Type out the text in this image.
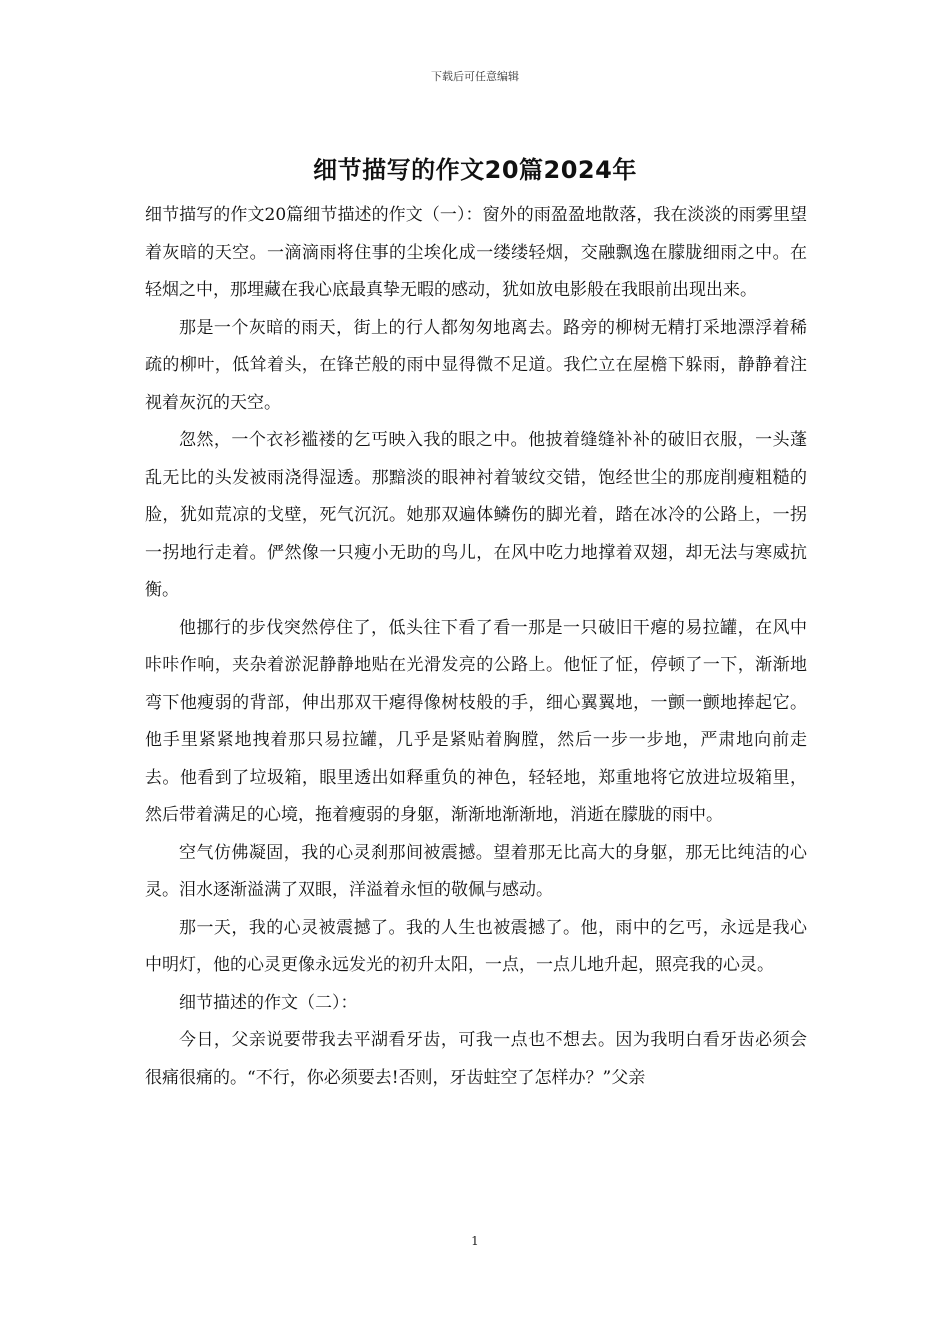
下载后可任意编辑
细节描写的作文20篇2024年

细节描写的作文20篇细节描述的作文（一）：窗外的雨盈盈地散落，我在淡淡的雨雾里望着灰暗的天空。一滴滴雨将住事的尘埃化成一缕缕轻烟，交融飘逸在朦胧细雨之中。在轻烟之中，那埋藏在我心底最真挚无暇的感动，犹如放电影般在我眼前出现出来。

那是一个灰暗的雨天，街上的行人都匆匆地离去。路旁的柳树无精打采地漂浮着稀疏的柳叶，低耸着头，在锋芒般的雨中显得微不足道。我伫立在屋檐下躲雨，静静着注视着灰沉的天空。

忽然，一个衣衫褴褛的乞丐映入我的眼之中。他披着缝缝补补的破旧衣服，一头蓬乱无比的头发被雨浇得湿透。那黯淡的眼神衬着皱纹交错，饱经世尘的那庞削瘦粗糙的脸，犹如荒凉的戈壁，死气沉沉。她那双遍体鳞伤的脚光着，踏在冰冷的公路上，一拐一拐地行走着。俨然像一只瘦小无助的鸟儿，在风中吃力地撑着双翅，却无法与寒威抗衡。

他挪行的步伐突然停住了，低头往下看了看一那是一只破旧干瘪的易拉罐，在风中咔咔作响，夹杂着淤泥静静地贴在光滑发亮的公路上。他怔了怔，停顿了一下，渐渐地弯下他瘦弱的背部，伸出那双干瘪得像树枝般的手，细心翼翼地，一颤一颤地捧起它。他手里紧紧地拽着那只易拉罐，几乎是紧贴着胸膛，然后一步一步地，严肃地向前走去。他看到了垃圾箱，眼里透出如释重负的神色，轻轻地，郑重地将它放进垃圾箱里，然后带着满足的心境，拖着瘦弱的身躯，渐渐地渐渐地，消逝在朦胧的雨中。

空气仿佛凝固，我的心灵刹那间被震撼。望着那无比高大的身躯，那无比纯洁的心灵。泪水逐渐溢满了双眼，洋溢着永恒的敬佩与感动。

那一天，我的心灵被震撼了。我的人生也被震撼了。他，雨中的乞丐，永远是我心中明灯，他的心灵更像永远发光的初升太阳，一点，一点儿地升起，照亮我的心灵。

细节描述的作文（二）：

今日，父亲说要带我去平湖看牙齿，可我一点也不想去。因为我明白看牙齿必须会很痛很痛的。“不行，你必须要去!否则，牙齿蛀空了怎样办？”父亲

1
